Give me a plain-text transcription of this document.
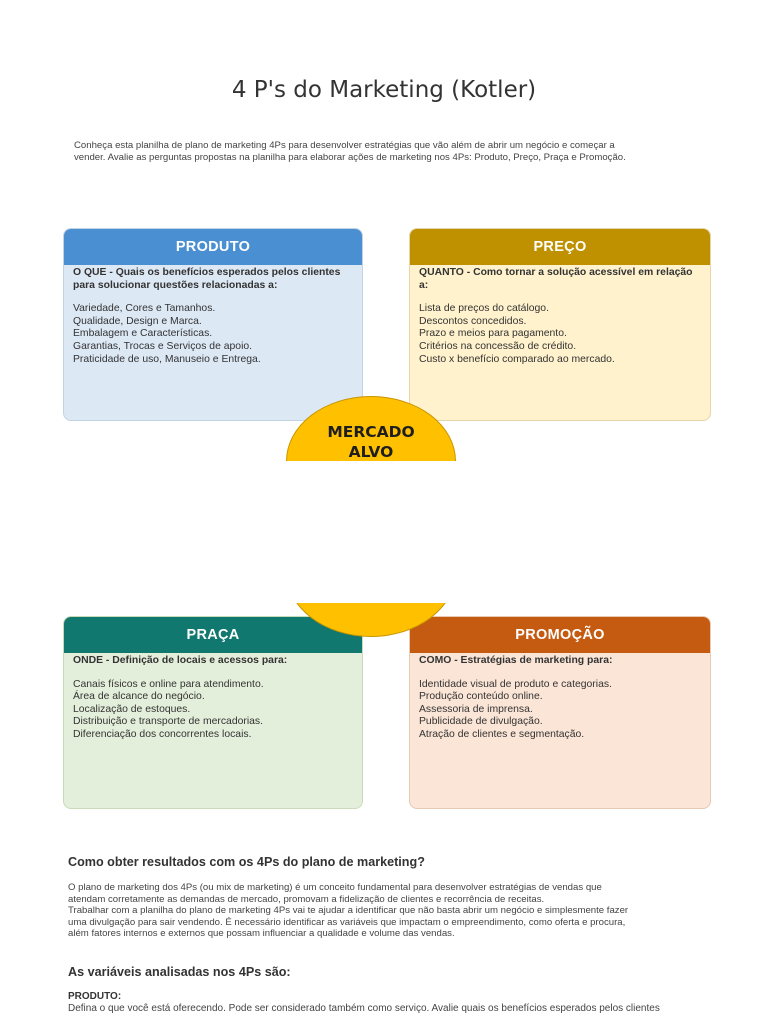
4 P's do Marketing (Kotler)

Conheça esta planilha de plano de marketing 4Ps para desenvolver estratégias que vão além de abrir um negócio e começar a

vender. Avalie as perguntas propostas na planilha para elaborar ações de marketing nos 4Ps: Produto, Preço, Praça e Promoção.

PRODUTO

O QUE - Quais os benefícios esperados pelos clientes para solucionar questões relacionadas a:

Variedade, Cores e Tamanhos.
Qualidade, Design e Marca.
Embalagem e Características.
Garantias, Trocas e Serviços de apoio.
Praticidade de uso, Manuseio e Entrega.
PREÇO

QUANTO - Como tornar a solução acessível em relação a:

Lista de preços do catálogo.
Descontos concedidos.
Prazo e meios para pagamento.
Critérios na concessão de crédito.
Custo x benefício comparado ao mercado.
MERCADO
ALVO
PRAÇA

ONDE - Definição de locais e acessos para:

Canais físicos e online para atendimento.
Área de alcance do negócio.
Localização de estoques.
Distribuição e transporte de mercadorias.
Diferenciação dos concorrentes locais.
PROMOÇÃO

COMO - Estratégias de marketing para:

Identidade visual de produto e categorias.
Produção conteúdo online.
Assessoria de imprensa.
Publicidade de divulgação.
Atração de clientes e segmentação.
Como obter resultados com os 4Ps do plano de marketing?

O plano de marketing dos 4Ps (ou mix de marketing) é um conceito fundamental para desenvolver estratégias de vendas que

atendam corretamente as demandas de mercado, promovam a fidelização de clientes e recorrência de receitas.

Trabalhar com a planilha do plano de marketing 4Ps vai te ajudar a identificar que não basta abrir um negócio e simplesmente fazer

uma divulgação para sair vendendo. É necessário identificar as variáveis que impactam o empreendimento, como oferta e procura,

além fatores internos e externos que possam influenciar a qualidade e volume das vendas.

As variáveis analisadas nos 4Ps são:
PRODUTO:
Defina o que você está oferecendo. Pode ser considerado também como serviço. Avalie quais os benefícios esperados pelos clientes
